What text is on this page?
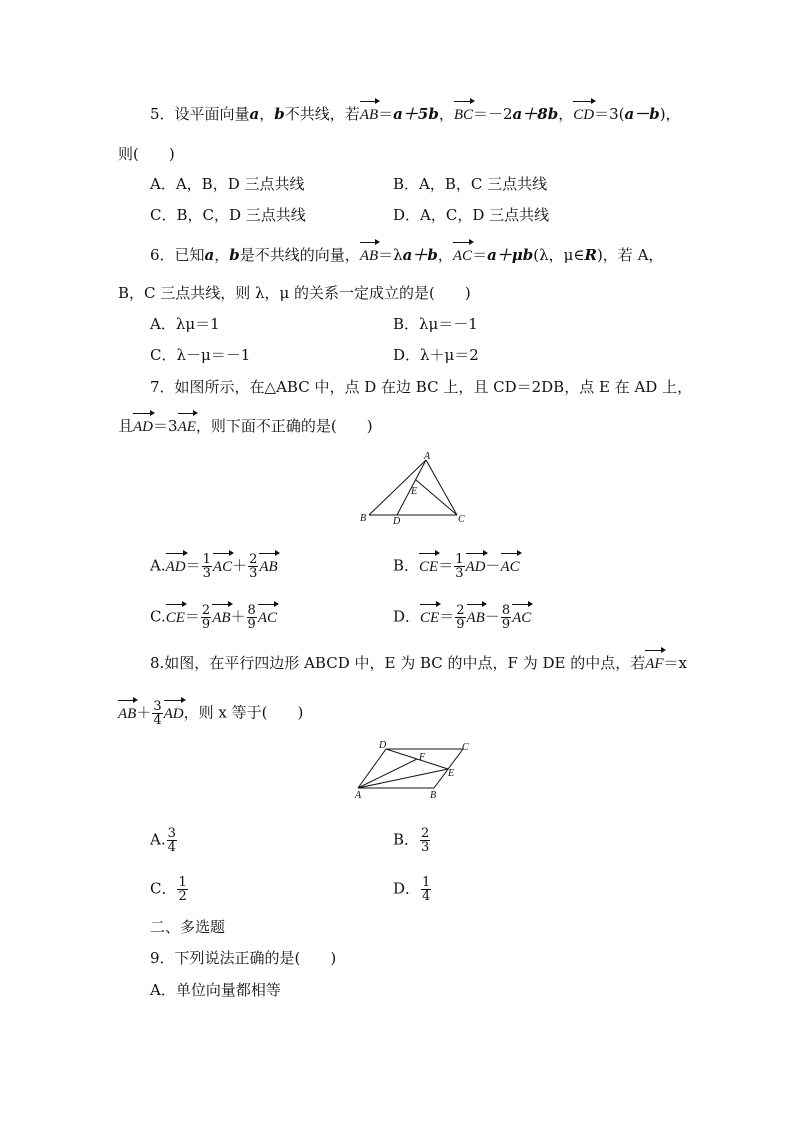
5．设平面向量a，b不共线，若AB＝a＋5b，BC＝－2a＋8b，CD＝3(a－b)，
则(　　)
A．A，B，D 三点共线	B．A，B，C 三点共线
C．B，C，D 三点共线	D．A，C，D 三点共线
6．已知a，b是不共线的向量，AB＝λa＋b，AC＝a＋μb(λ，μ∈R)，若 A，
B，C 三点共线，则 λ，μ 的关系一定成立的是(　　)
A．λμ＝1	B．λμ＝－1
C．λ－μ＝－1	D．λ＋μ＝2
7．如图所示，在△ABC 中，点 D 在边 BC 上，且 CD＝2DB，点 E 在 AD 上，
且AD＝3AE，则下面不正确的是(　　)
A
B	C
D
E
$A.AD= \frac{1}{3} AC+ \frac{2}{3}$ AB	B．$CE= \frac{1}{3} AD-AC$
$C.CE= \frac{2}{9} AB+ \frac{8}{9}$ AC	D．$CE= \frac{2}{9} AB- \frac{8}{9}$ AC
8.如图，在平行四边形 ABCD 中，E 为 BC 的中点，F 为 DE 的中点，若AF＝x
$AB+ \frac{3}{4}$ AD，则 x 等于(　　)
D	C
F
E
A	B
A. $\frac{3}{4}$	B． $\frac{2}{3}$
C． $\frac{1}{2}$	D． $\frac{1}{4}$
二、多选题
9．下列说法正确的是(　　)
A．单位向量都相等
